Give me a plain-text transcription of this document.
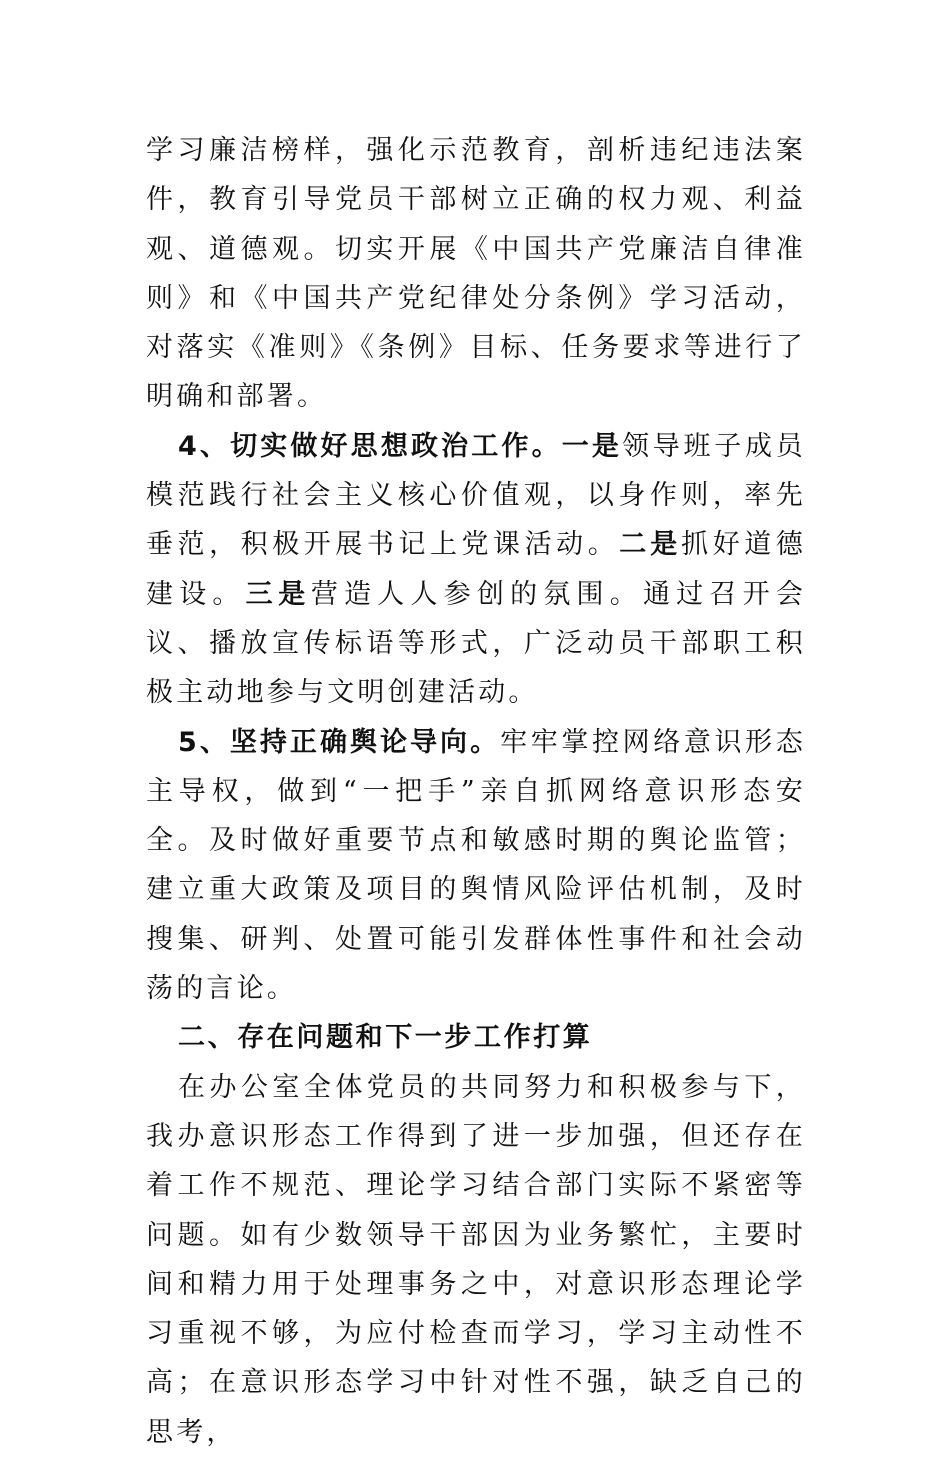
学习廉洁榜样，强化示范教育，剖析违纪违法案件，教育引导党员干部树立正确的权力观、利益观、道德观。切实开展《中国共产党廉洁自律准则》和《中国共产党纪律处分条例》学习活动，对落实《准则》《条例》目标、任务要求等进行了明确和部署。

4、切实做好思想政治工作。一是领导班子成员模范践行社会主义核心价值观，以身作则，率先垂范，积极开展书记上党课活动。二是抓好道德建设。三是营造人人参创的氛围。通过召开会议、播放宣传标语等形式，广泛动员干部职工积极主动地参与文明创建活动。

5、坚持正确舆论导向。牢牢掌控网络意识形态主导权，做到“一把手”亲自抓网络意识形态安全。及时做好重要节点和敏感时期的舆论监管；建立重大政策及项目的舆情风险评估机制，及时搜集、研判、处置可能引发群体性事件和社会动荡的言论。

二、存在问题和下一步工作打算

在办公室全体党员的共同努力和积极参与下，我办意识形态工作得到了进一步加强，但还存在着工作不规范、理论学习结合部门实际不紧密等问题。如有少数领导干部因为业务繁忙，主要时间和精力用于处理事务之中，对意识形态理论学习重视不够，为应付检查而学习，学习主动性不高；在意识形态学习中针对性不强，缺乏自己的思考，
